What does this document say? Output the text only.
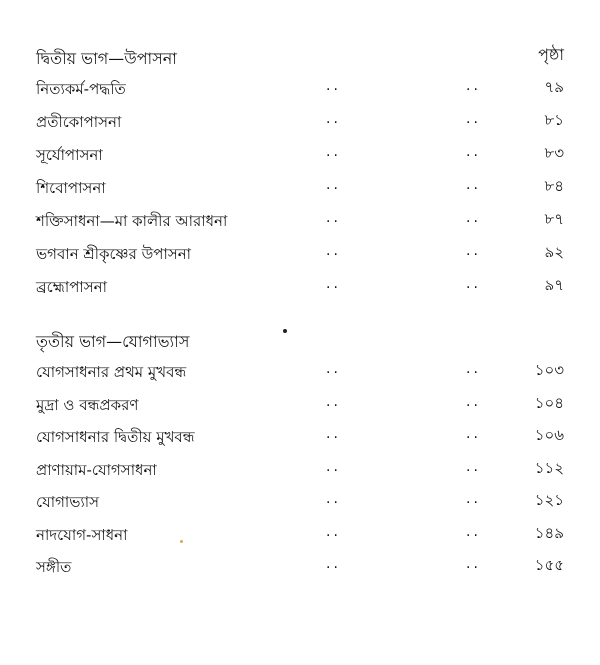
দ্বিতীয় ভাগ—উপাসনা	পৃষ্ঠা
নিত্যকর্ম-পদ্ধতি	..	..	৭৯
প্রতীকোপাসনা	..	..	৮১
সূর্যোপাসনা	..	..	৮৩
শিবোপাসনা	..	..	৮৪
শক্তিসাধনা—মা কালীর আরাধনা	..	..	৮৭
ভগবান শ্রীকৃষ্ণের উপাসনা	..	..	৯২
ব্রহ্মোপাসনা	..	..	৯৭
তৃতীয় ভাগ—যোগাভ্যাস
যোগসাধনার প্রথম মুখবন্ধ	..	..	১০৩
মুদ্রা ও বন্ধপ্রকরণ	..	..	১০৪
যোগসাধনার দ্বিতীয় মুখবন্ধ	..	..	১০৬
প্রাণায়াম-যোগসাধনা	..	..	১১২
যোগাভ্যাস	..	..	১২১
নাদযোগ-সাধনা	..	..	১৪৯
সঙ্গীত	..	..	১৫৫
